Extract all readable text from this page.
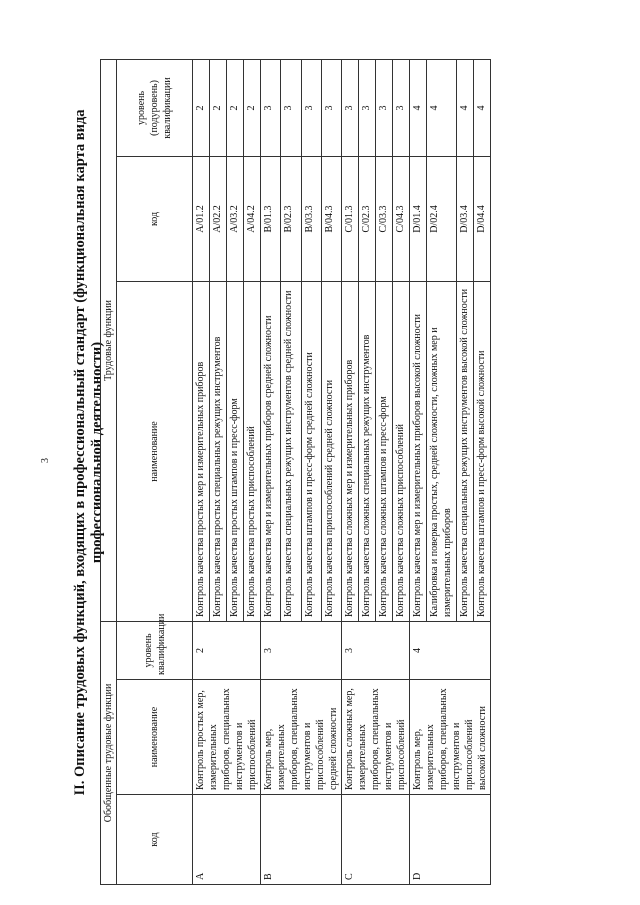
3 II. Описание трудовых функций, входящих в профессиональный стандарт (функциональная карта вида профессиональной деятельности)
Обобщенные трудовые функции			Трудовые функции		
код	наименование	уровень квалификации	наименование	код	уровень (подуровень) квалификации
A	Контроль простых мер, измерительных приборов, специальных инструментов и приспособлений	2	Контроль качества простых мер и измерительных приборов	A/01.2	2
			Контроль качества простых специальных режущих инструментов	A/02.2	2
			Контроль качества простых штампов и пресс-форм	A/03.2	2
			Контроль качества простых приспособлений	A/04.2	2
B	Контроль мер, измерительных приборов, специальных инструментов и приспособлений средней сложности	3	Контроль качества мер и измерительных приборов средней сложности	B/01.3	3
			Контроль качества специальных режущих инструментов средней сложности	B/02.3	3
			Контроль качества штампов и пресс-форм средней сложности	B/03.3	3
			Контроль качества приспособлений средней сложности	B/04.3	3
C	Контроль сложных мер, измерительных приборов, специальных инструментов и приспособлений	3	Контроль качества сложных мер и измерительных приборов	C/01.3	3
			Контроль качества сложных специальных режущих инструментов	C/02.3	3
			Контроль качества сложных штампов и пресс-форм	C/03.3	3
			Контроль качества сложных приспособлений	C/04.3	3
D	Контроль мер, измерительных приборов, специальных инструментов и приспособлений высокой сложности	4	Контроль качества мер и измерительных приборов высокой сложности	D/01.4	4
			Калибровка и поверка простых, средней сложности, сложных мер и измерительных приборов	D/02.4	4
			Контроль качества специальных режущих инструментов высокой сложности	D/03.4	4
			Контроль качества штампов и пресс-форм высокой сложности	D/04.4	4
